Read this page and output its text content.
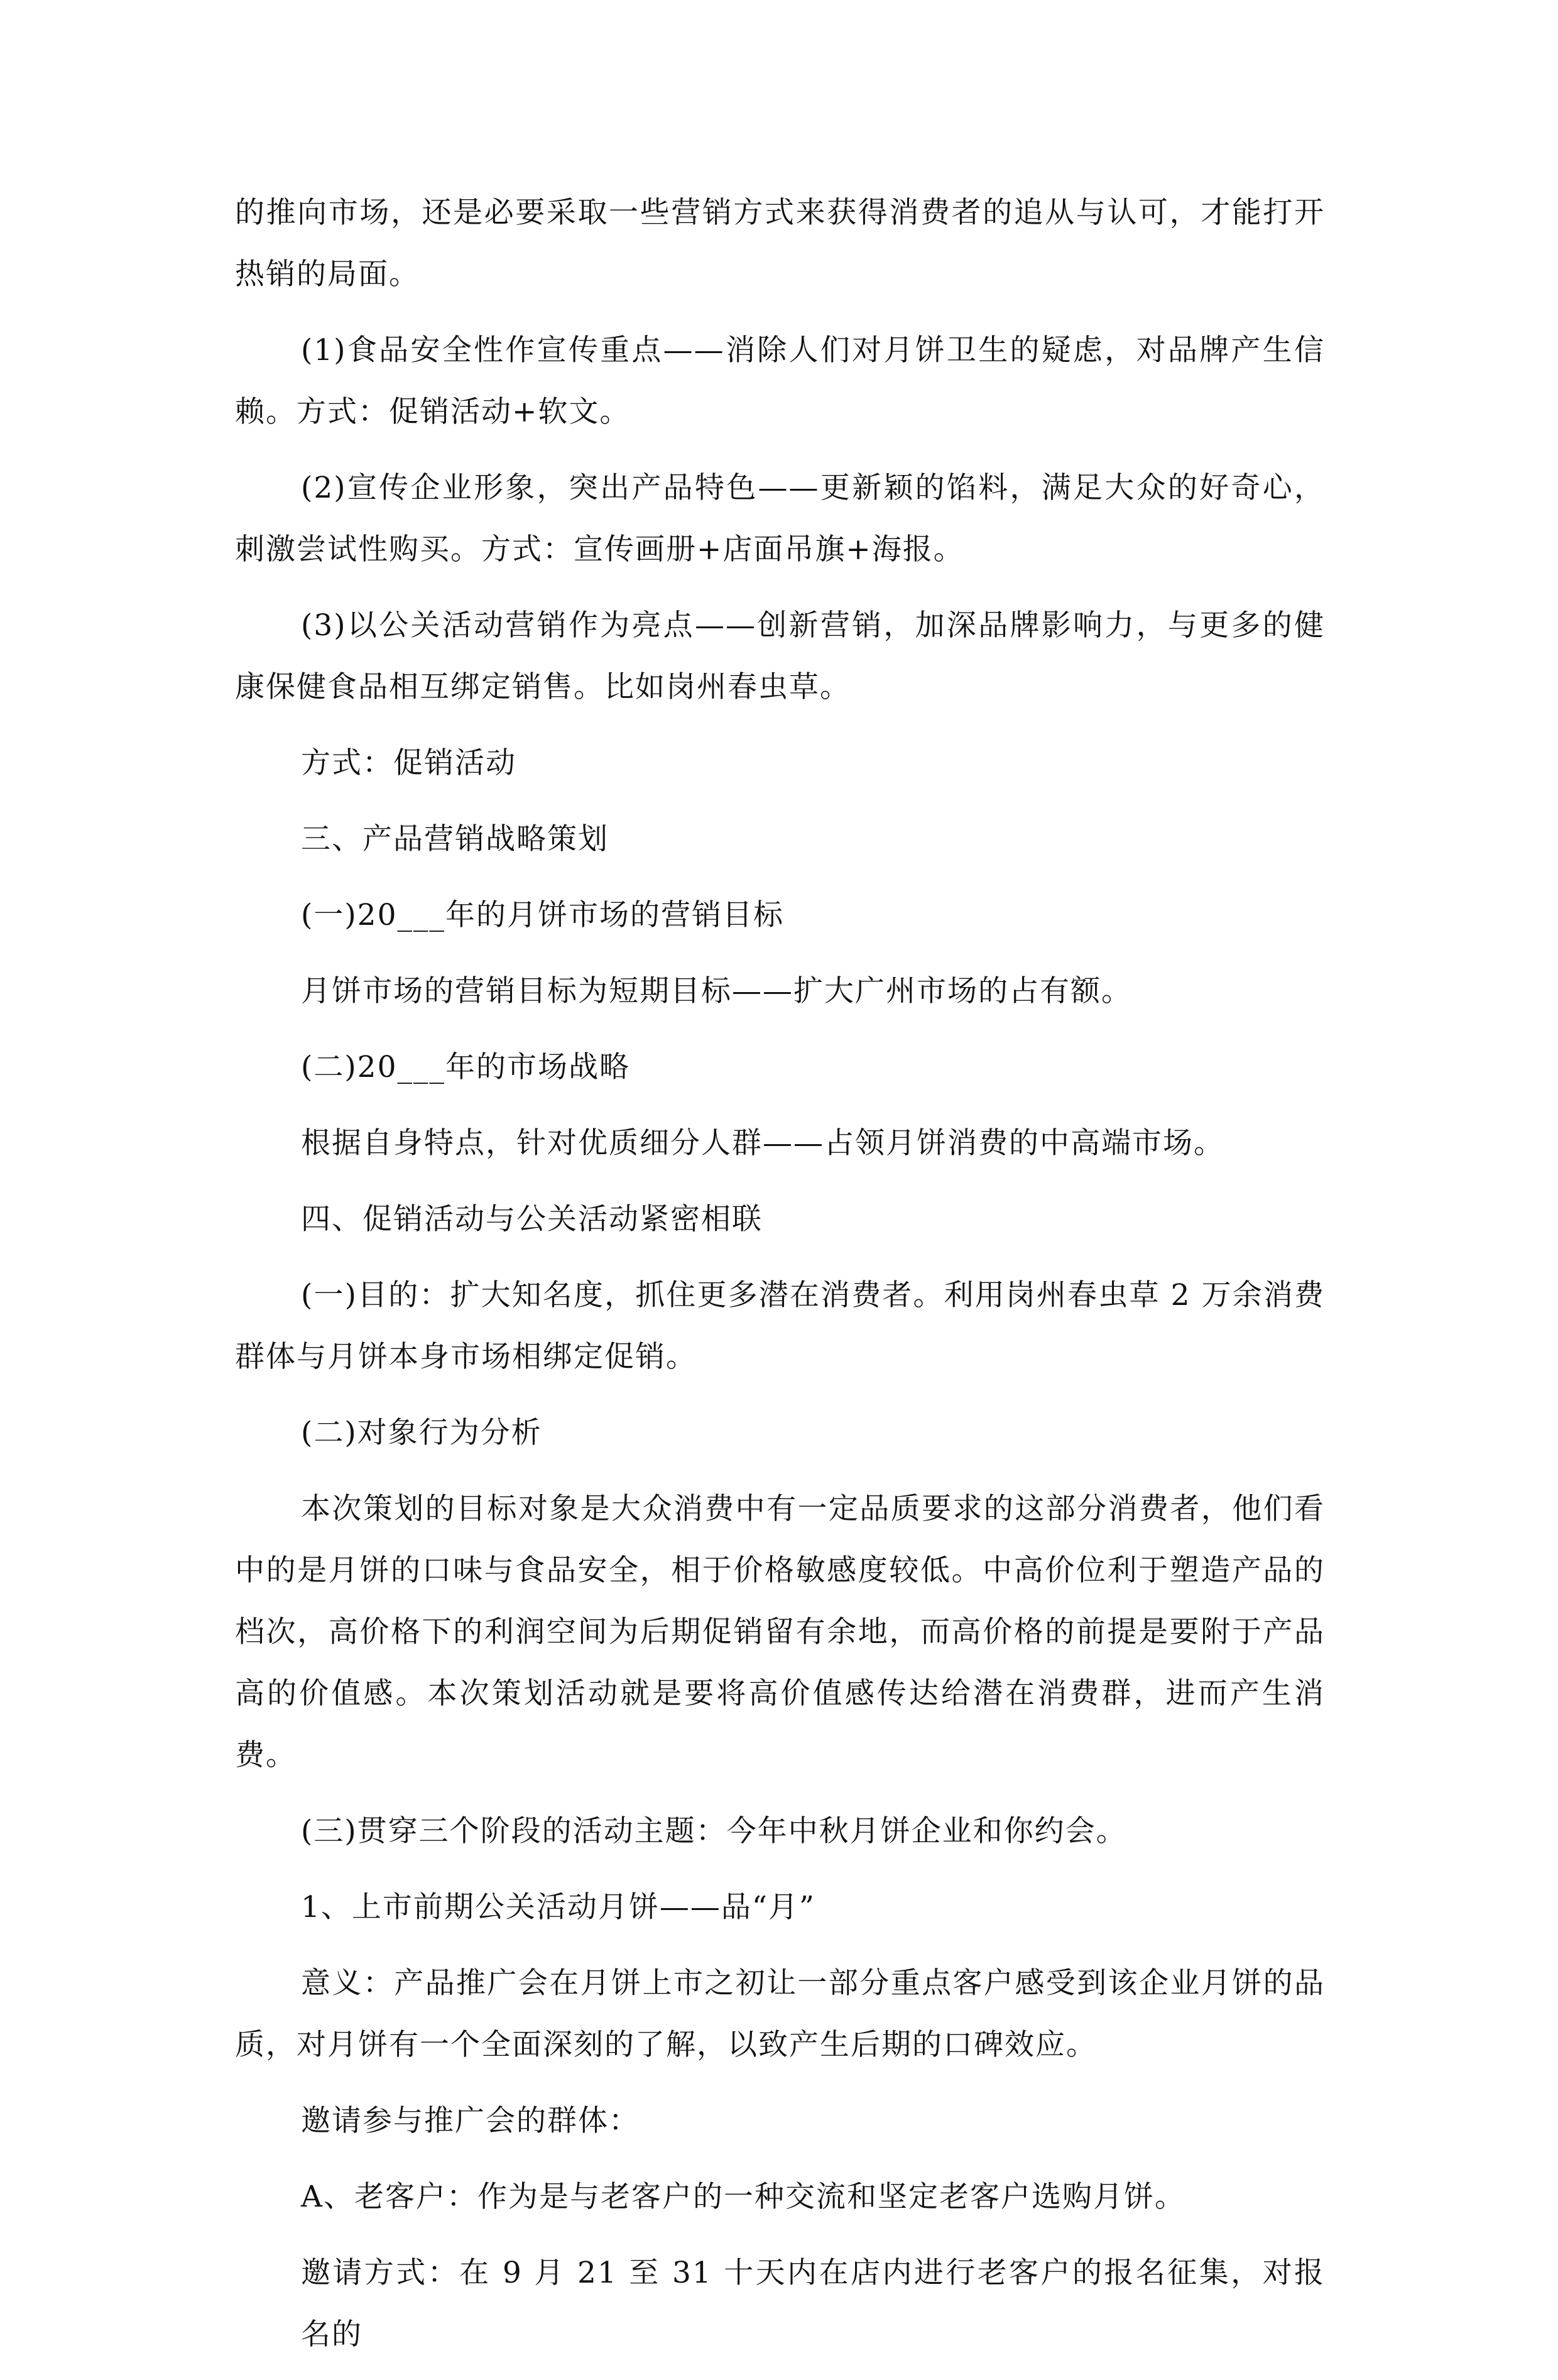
的推向市场，还是必要采取一些营销方式来获得消费者的追从与认可，才能打开热销的局面。

(1)食品安全性作宣传重点——消除人们对月饼卫生的疑虑，对品牌产生信赖。方式：促销活动+软文。

(2)宣传企业形象，突出产品特色——更新颖的馅料，满足大众的好奇心，刺激尝试性购买。方式：宣传画册+店面吊旗+海报。

(3)以公关活动营销作为亮点——创新营销，加深品牌影响力，与更多的健康保健食品相互绑定销售。比如岗州春虫草。

方式：促销活动

三、产品营销战略策划

(一)20___年的月饼市场的营销目标

月饼市场的营销目标为短期目标——扩大广州市场的占有额。

(二)20___年的市场战略

根据自身特点，针对优质细分人群——占领月饼消费的中高端市场。

四、促销活动与公关活动紧密相联

(一)目的：扩大知名度，抓住更多潜在消费者。利用岗州春虫草 2 万余消费群体与月饼本身市场相绑定促销。

(二)对象行为分析

本次策划的目标对象是大众消费中有一定品质要求的这部分消费者，他们看中的是月饼的口味与食品安全，相于价格敏感度较低。中高价位利于塑造产品的档次，高价格下的利润空间为后期促销留有余地，而高价格的前提是要附于产品高的价值感。本次策划活动就是要将高价值感传达给潜在消费群，进而产生消费。

(三)贯穿三个阶段的活动主题：今年中秋月饼企业和你约会。

1、上市前期公关活动月饼——品“月”

意义：产品推广会在月饼上市之初让一部分重点客户感受到该企业月饼的品质，对月饼有一个全面深刻的了解，以致产生后期的口碑效应。

邀请参与推广会的群体：

A、老客户：作为是与老客户的一种交流和坚定老客户选购月饼。

邀请方式：在 9 月 21 至 31 十天内在店内进行老客户的报名征集，对报名的
